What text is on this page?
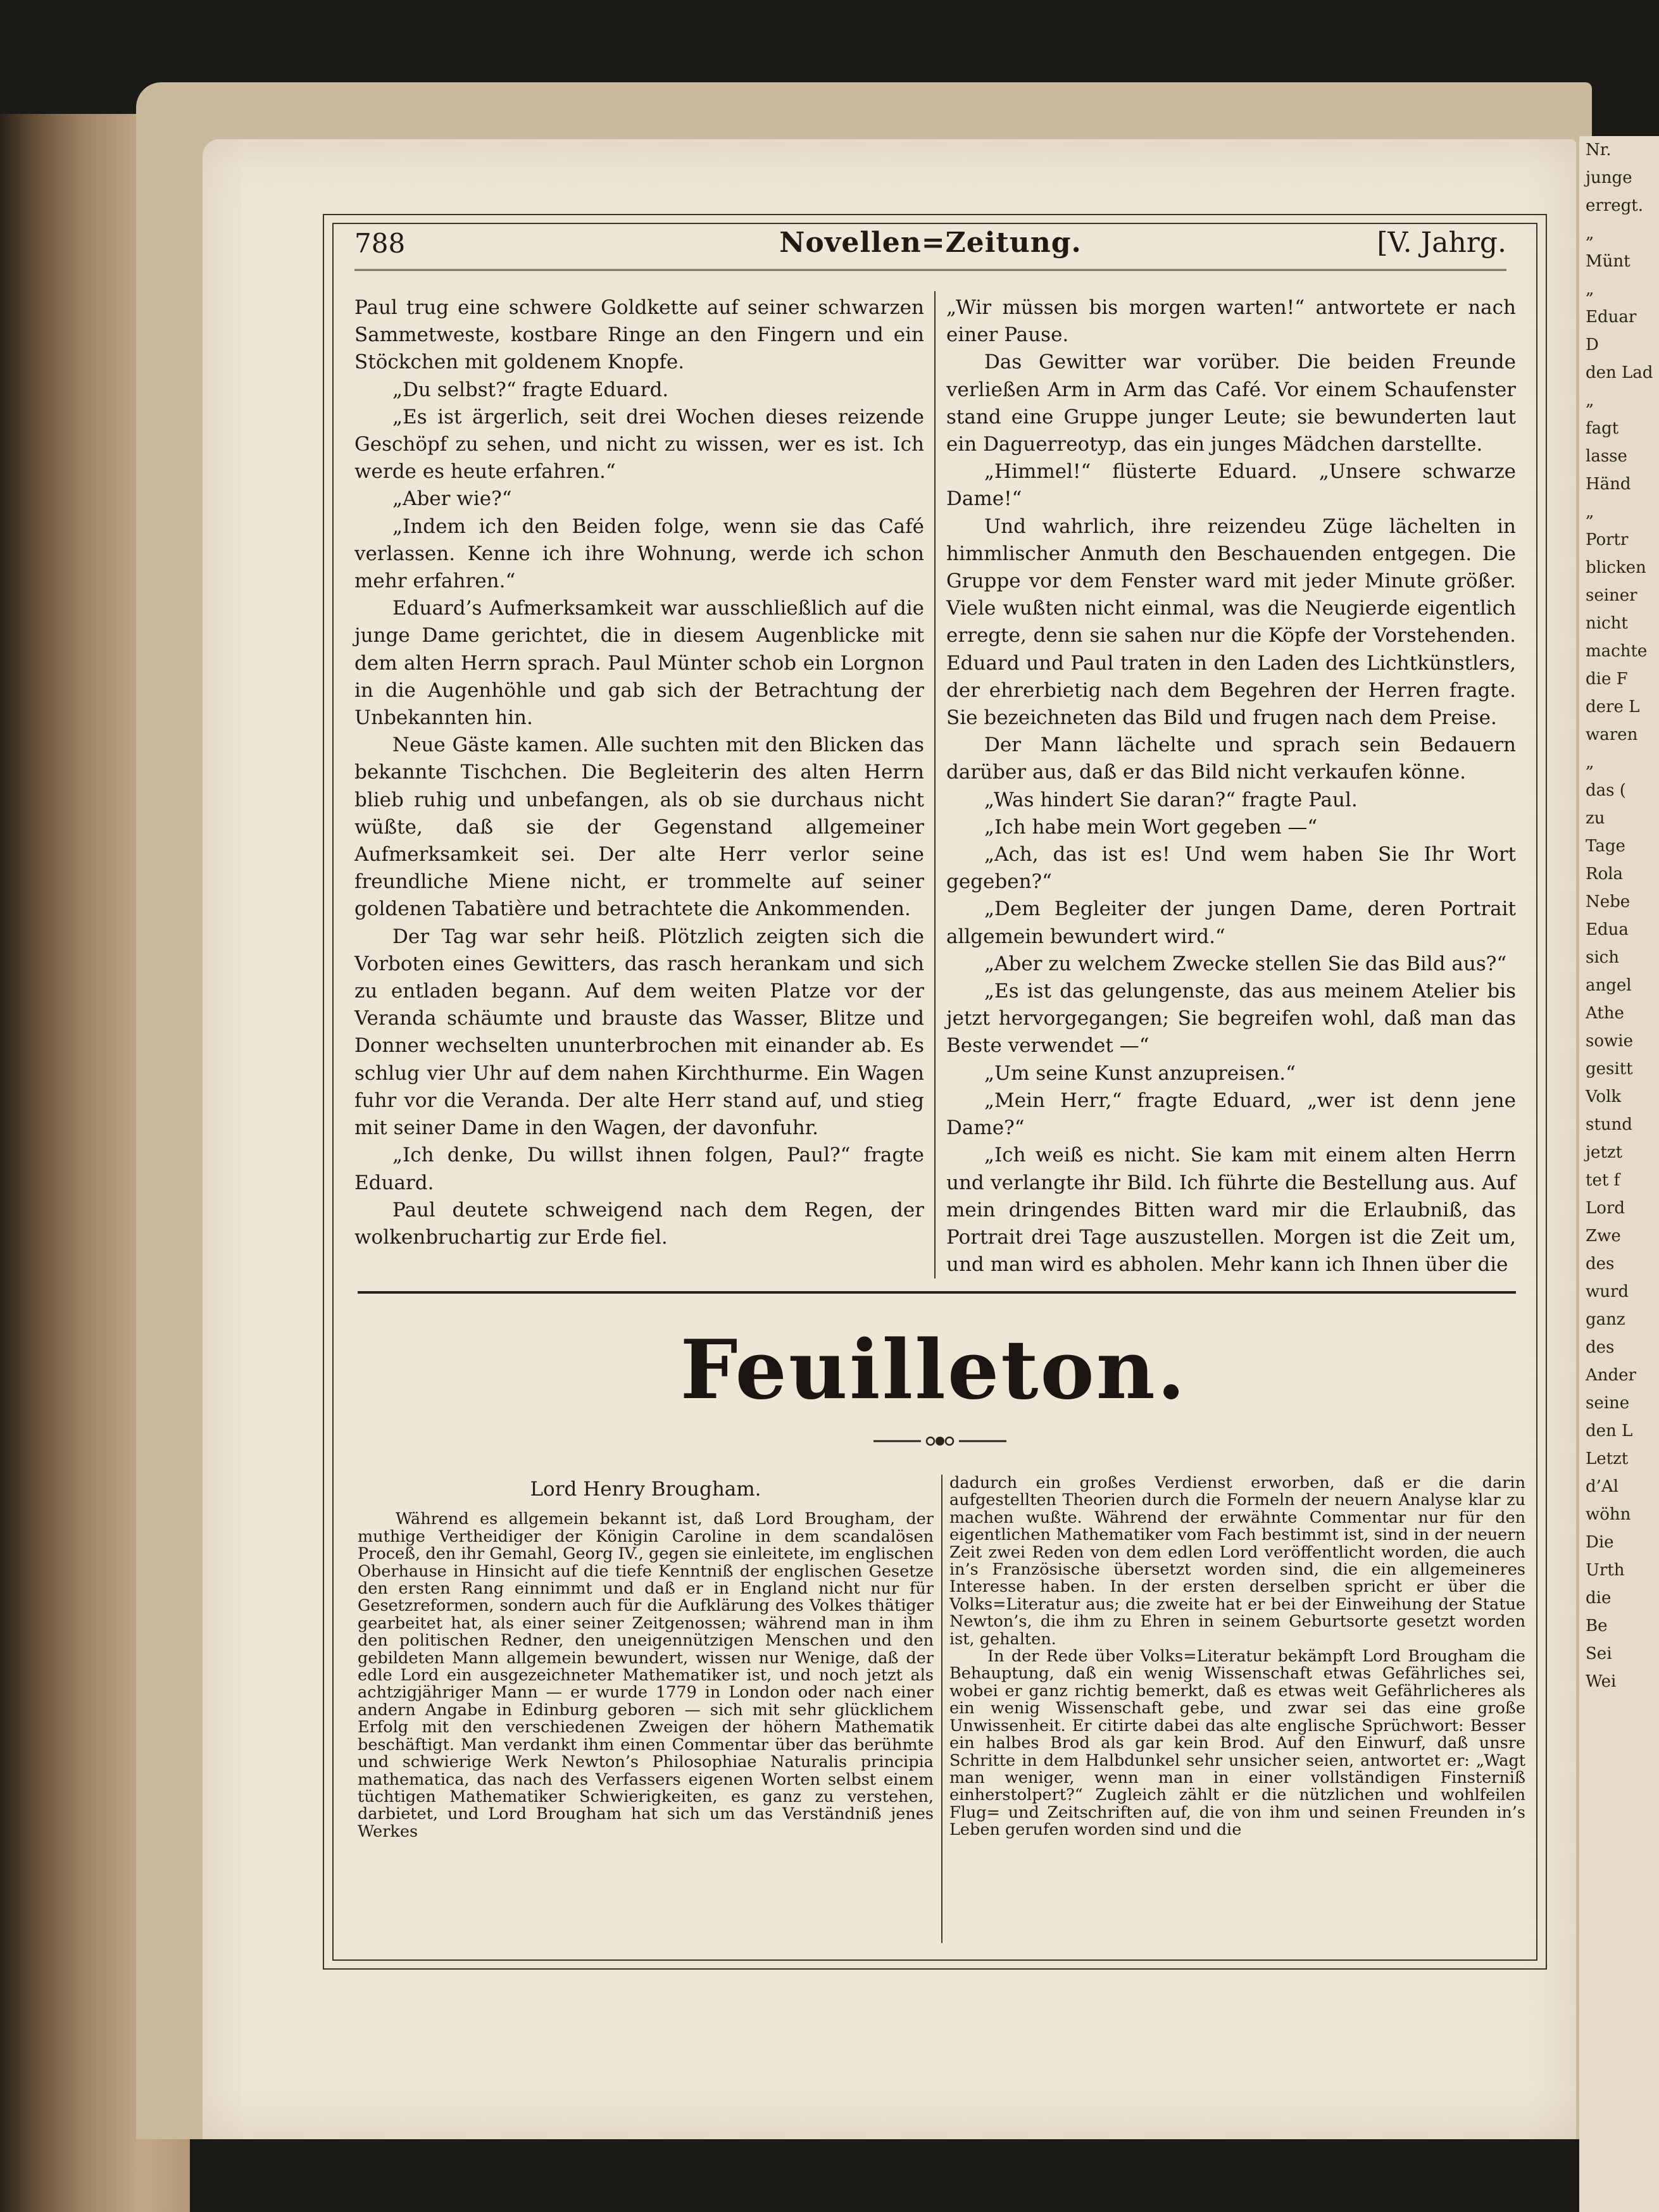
Nr.
junge
erregt.
„
Münt
„
Eduar
D
den Lad
„
fagt
lasse
Händ
„
Portr
blicken
seiner
nicht
machte
die F
dere L
waren
„
das (
zu
Tage
Rola
Nebe
Edua
sich
angel
Athe
sowie
gesitt
Volk
stund
jetzt
tet f
Lord
Zwe
des
wurd
ganz
des
Ander
seine
den L
Letzt
d’Al
wöhn
Die
Urth
die
Be
Sei
Wei
788	Novellen=Zeitung.	[V. Jahrg.

Paul trug eine schwere Goldkette auf seiner schwarzen Sammetweste, kostbare Ringe an den Fingern und ein Stöckchen mit goldenem Knopfe.

„Du selbst?“ fragte Eduard.

„Es ist ärgerlich, seit drei Wochen dieses reizende Geschöpf zu sehen, und nicht zu wissen, wer es ist. Ich werde es heute erfahren.“

„Aber wie?“

„Indem ich den Beiden folge, wenn sie das Café verlassen. Kenne ich ihre Wohnung, werde ich schon mehr erfahren.“

Eduard’s Aufmerksamkeit war ausschließlich auf die junge Dame gerichtet, die in diesem Augenblicke mit dem alten Herrn sprach. Paul Münter schob ein Lorgnon in die Augenhöhle und gab sich der Betrachtung der Unbekannten hin.

Neue Gäste kamen. Alle suchten mit den Blicken das bekannte Tischchen. Die Begleiterin des alten Herrn blieb ruhig und unbefangen, als ob sie durchaus nicht wüßte, daß sie der Gegenstand allgemeiner Aufmerksamkeit sei. Der alte Herr verlor seine freundliche Miene nicht, er trommelte auf seiner goldenen Tabatière und betrachtete die Ankommenden.

Der Tag war sehr heiß. Plötzlich zeigten sich die Vorboten eines Gewitters, das rasch herankam und sich zu entladen begann. Auf dem weiten Platze vor der Veranda schäumte und brauste das Wasser, Blitze und Donner wechselten ununterbrochen mit einander ab. Es schlug vier Uhr auf dem nahen Kirchthurme. Ein Wagen fuhr vor die Veranda. Der alte Herr stand auf, und stieg mit seiner Dame in den Wagen, der davonfuhr.

„Ich denke, Du willst ihnen folgen, Paul?“ fragte Eduard.

Paul deutete schweigend nach dem Regen, der wolkenbruchartig zur Erde fiel.

„Wir müssen bis morgen warten!“ antwortete er nach einer Pause.

Das Gewitter war vorüber. Die beiden Freunde verließen Arm in Arm das Café. Vor einem Schaufenster stand eine Gruppe junger Leute; sie bewunderten laut ein Daguerreotyp, das ein junges Mädchen darstellte.

„Himmel!“ flüsterte Eduard. „Unsere schwarze Dame!“

Und wahrlich, ihre reizendeu Züge lächelten in himmlischer Anmuth den Beschauenden entgegen. Die Gruppe vor dem Fenster ward mit jeder Minute größer. Viele wußten nicht einmal, was die Neugierde eigentlich erregte, denn sie sahen nur die Köpfe der Vorstehenden. Eduard und Paul traten in den Laden des Lichtkünstlers, der ehrerbietig nach dem Begehren der Herren fragte. Sie bezeichneten das Bild und frugen nach dem Preise.

Der Mann lächelte und sprach sein Bedauern darüber aus, daß er das Bild nicht verkaufen könne.

„Was hindert Sie daran?“ fragte Paul.

„Ich habe mein Wort gegeben —“

„Ach, das ist es! Und wem haben Sie Ihr Wort gegeben?“

„Dem Begleiter der jungen Dame, deren Portrait allgemein bewundert wird.“

„Aber zu welchem Zwecke stellen Sie das Bild aus?“

„Es ist das gelungenste, das aus meinem Atelier bis jetzt hervorgegangen; Sie begreifen wohl, daß man das Beste verwendet —“

„Um seine Kunst anzupreisen.“

„Mein Herr,“ fragte Eduard, „wer ist denn jene Dame?“

„Ich weiß es nicht. Sie kam mit einem alten Herrn und verlangte ihr Bild. Ich führte die Bestellung aus. Auf mein dringendes Bitten ward mir die Erlaubniß, das Portrait drei Tage auszustellen. Morgen ist die Zeit um, und man wird es abholen. Mehr kann ich Ihnen über die

Feuilleton.
Lord Henry Brougham.

Während es allgemein bekannt ist, daß Lord Brougham, der muthige Vertheidiger der Königin Caroline in dem scandalösen Proceß, den ihr Gemahl, Georg IV., gegen sie einleitete, im englischen Oberhause in Hinsicht auf die tiefe Kenntniß der englischen Gesetze den ersten Rang einnimmt und daß er in England nicht nur für Gesetzreformen, sondern auch für die Aufklärung des Volkes thätiger gearbeitet hat, als einer seiner Zeitgenossen; während man in ihm den politischen Redner, den uneigennützigen Menschen und den gebildeten Mann allgemein bewundert, wissen nur Wenige, daß der edle Lord ein ausgezeichneter Mathematiker ist, und noch jetzt als achtzigjähriger Mann — er wurde 1779 in London oder nach einer andern Angabe in Edinburg geboren — sich mit sehr glücklichem Erfolg mit den verschiedenen Zweigen der höhern Mathematik beschäftigt. Man verdankt ihm einen Commentar über das berühmte und schwierige Werk Newton’s Philosophiae Naturalis principia mathematica, das nach des Verfassers eigenen Worten selbst einem tüchtigen Mathematiker Schwierigkeiten, es ganz zu verstehen, darbietet, und Lord Brougham hat sich um das Verständniß jenes Werkes

dadurch ein großes Verdienst erworben, daß er die darin aufgestellten Theorien durch die Formeln der neuern Analyse klar zu machen wußte. Während der erwähnte Commentar nur für den eigentlichen Mathematiker vom Fach bestimmt ist, sind in der neuern Zeit zwei Reden von dem edlen Lord veröffentlicht worden, die auch in’s Französische übersetzt worden sind, die ein allgemeineres Interesse haben. In der ersten derselben spricht er über die Volks=Literatur aus; die zweite hat er bei der Einweihung der Statue Newton’s, die ihm zu Ehren in seinem Geburtsorte gesetzt worden ist, gehalten.

In der Rede über Volks=Literatur bekämpft Lord Brougham die Behauptung, daß ein wenig Wissenschaft etwas Gefährliches sei, wobei er ganz richtig bemerkt, daß es etwas weit Gefährlicheres als ein wenig Wissenschaft gebe, und zwar sei das eine große Unwissenheit. Er citirte dabei das alte englische Sprüchwort: Besser ein halbes Brod als gar kein Brod. Auf den Einwurf, daß unsre Schritte in dem Halbdunkel sehr unsicher seien, antwortet er: „Wagt man weniger, wenn man in einer vollständigen Finsterniß einherstolpert?“ Zugleich zählt er die nützlichen und wohlfeilen Flug= und Zeitschriften auf, die von ihm und seinen Freunden in’s Leben gerufen worden sind und die
